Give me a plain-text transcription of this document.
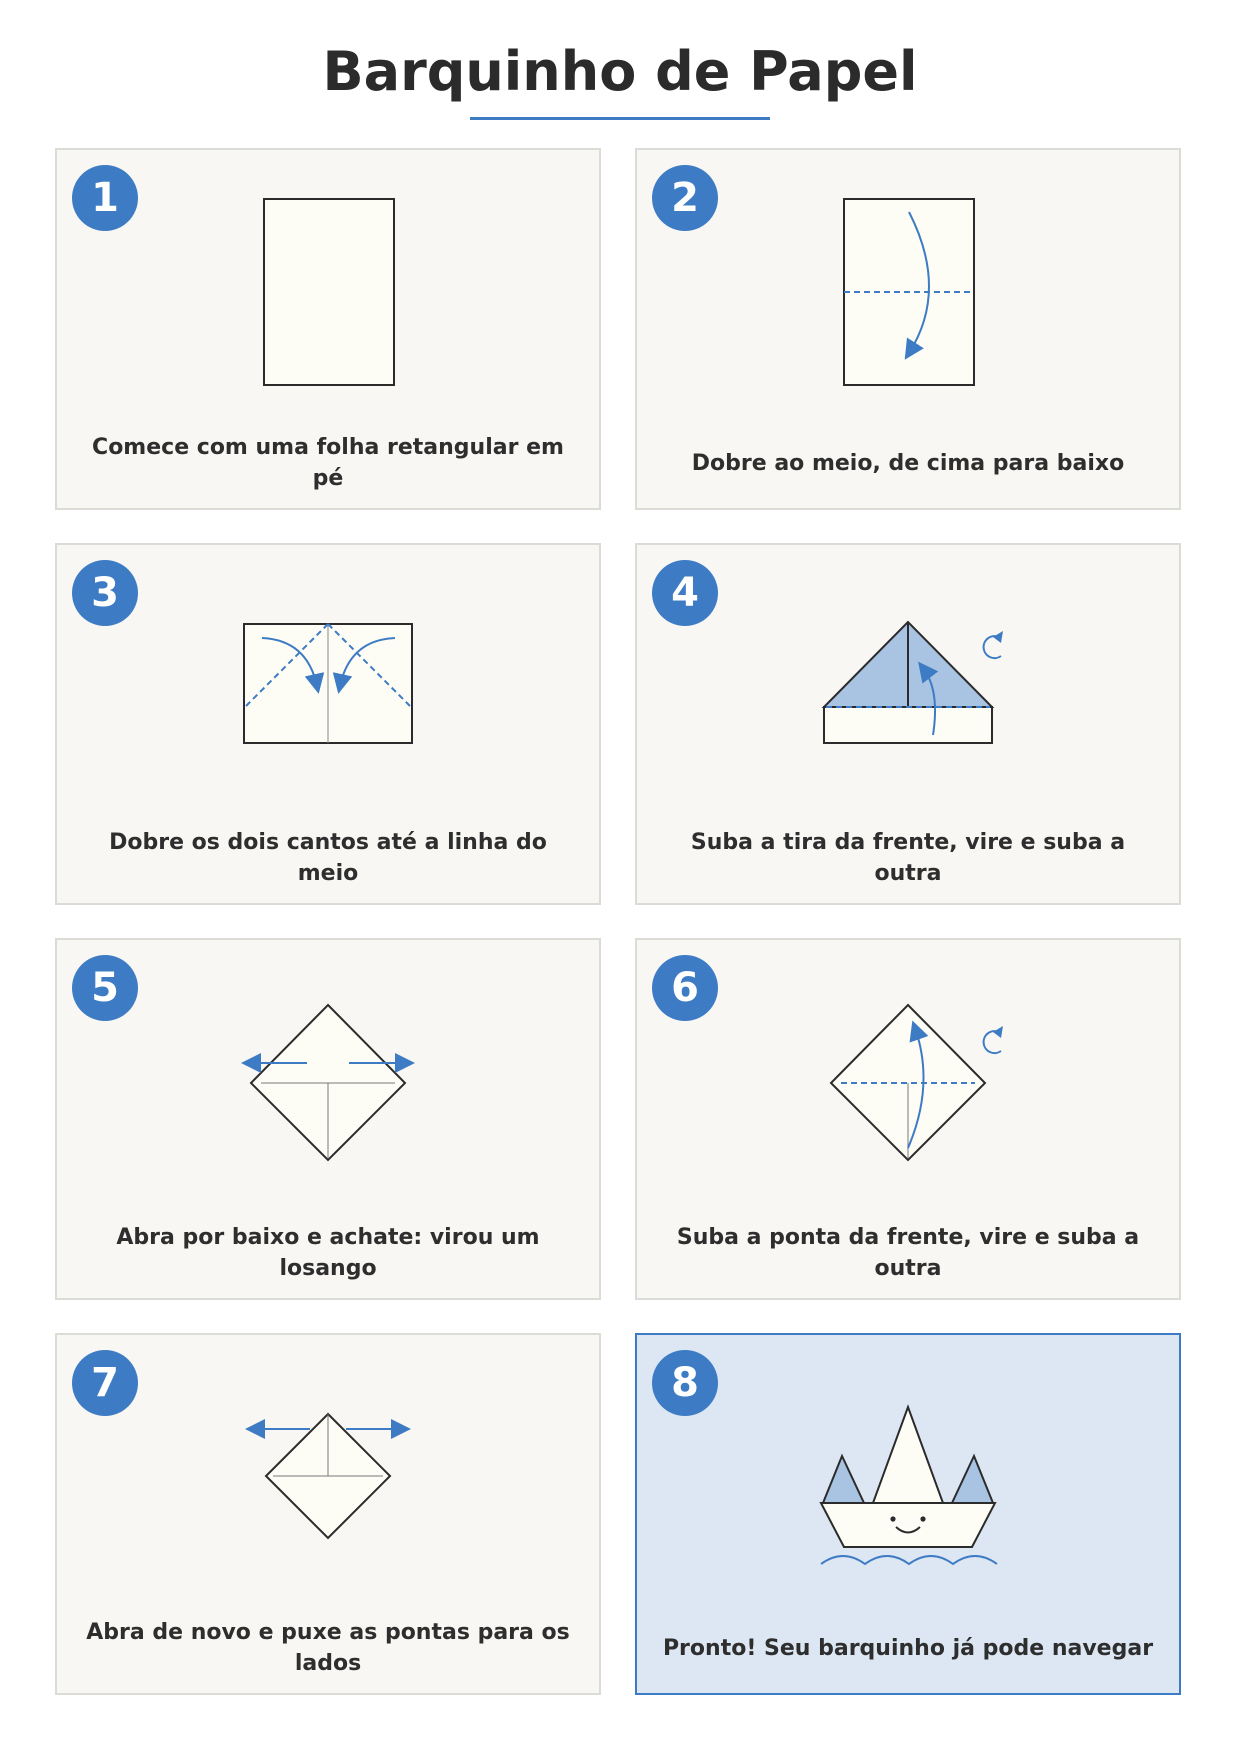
Barquinho de Papel
1
Comece com uma folha retangular em pé
2
Dobre ao meio, de cima para baixo
3
Dobre os dois cantos até a linha do meio
4
Suba a tira da frente, vire e suba a outra
5
Abra por baixo e achate: virou um losango
6
Suba a ponta da frente, vire e suba a outra
7
Abra de novo e puxe as pontas para os lados
8
Pronto! Seu barquinho já pode navegar
